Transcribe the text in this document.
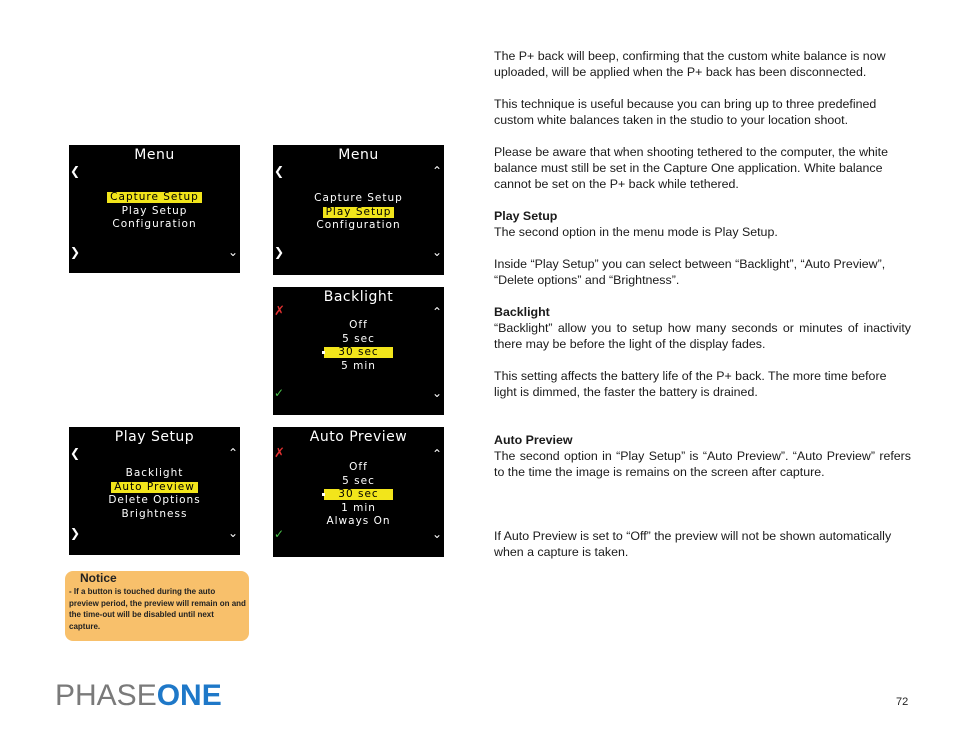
The P+ back will beep, confirming that the custom white balance is now uploaded, will be applied when the P+ back has been disconnected.

This technique is useful because you can bring up to three predefined custom white balances taken in the studio to your location shoot.

Please be aware that when shooting tethered to the computer, the white balance must still be set in the Capture One application. White balance cannot be set on the P+ back while tethered.

Play Setup

The second option in the menu mode is Play Setup.

Inside “Play Setup” you can select between “Backlight”, “Auto Preview”, “Delete options” and “Brightness”.

Backlight

“Backlight” allow you to setup how many seconds or minutes of inactivity there may be before the light of the display fades.

This setting affects the battery life of the P+ back. The more time before light is dimmed, the faster the battery is drained.

Auto Preview

The second option in “Play Setup” is “Auto Preview”. “Auto Preview” refers to the time the image is remains on the screen after capture.

If Auto Preview is set to “Off” the preview will not be shown automatically when a capture is taken.

Menu
Capture Setup
Play Setup
Configuration
❮
❯	⌄
Menu
Capture Setup
Play Setup
Configuration
❮	⌃
❯	⌄
Backlight
Off
5 sec
30 sec
5 min
✗	⌃
✓	⌄
Play Setup
Backlight
Auto Preview
Delete Options
Brightness
❮	⌃
❯	⌄
Auto Preview
Off
5 sec
30 sec
1 min
Always On
✗	⌃
✓	⌄
Notice
- If a button is touched during the auto preview period, the preview will remain on and the time-out will be disabled until next capture.
PHASEONE	72
